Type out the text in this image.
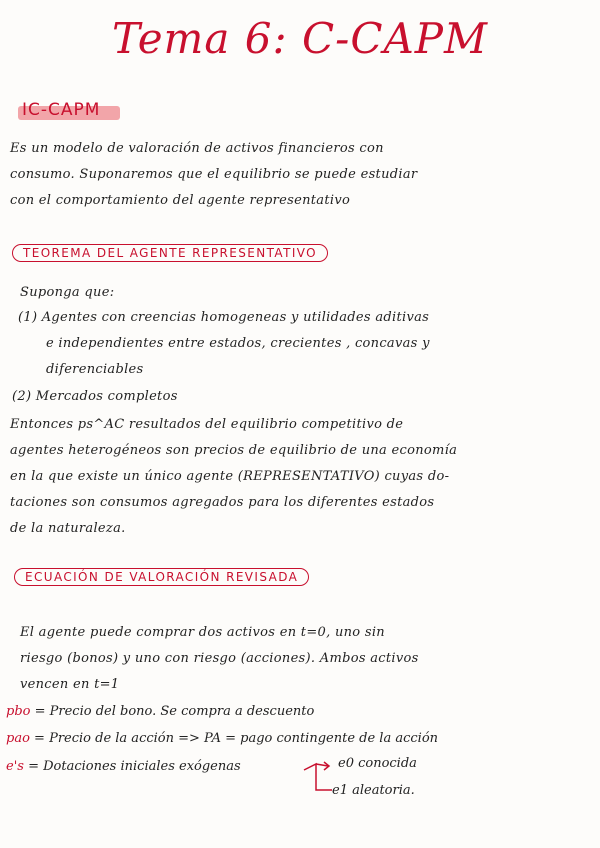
Tema 6: C-CAPM
IC-CAPM
Es un modelo de valoración de activos financieros con
consumo. Suponaremos que el equilibrio se puede estudiar
con el comportamiento del agente representativo
TEOREMA DEL AGENTE REPRESENTATIVO
Suponga que:
(1) Agentes con creencias homogeneas y utilidades aditivas
e independientes entre estados, crecientes , concavas y
diferenciables
(2) Mercados completos
Entonces ps^AC resultados del equilibrio competitivo de
agentes heterogéneos son precios de equilibrio de una economía
en la que existe un único agente (REPRESENTATIVO) cuyas do-
taciones son consumos agregados para los diferentes estados
de la naturaleza.
ECUACIÓN DE VALORACIÓN REVISADA
El agente puede comprar dos activos en t=0, uno sin
riesgo (bonos) y uno con riesgo (acciones). Ambos activos
vencen en t=1
pbo = Precio del bono. Se compra a descuento
pao = Precio de la acción => PA = pago contingente de la acción
e's = Dotaciones iniciales exógenas	e0 conocida
e1 aleatoria.
